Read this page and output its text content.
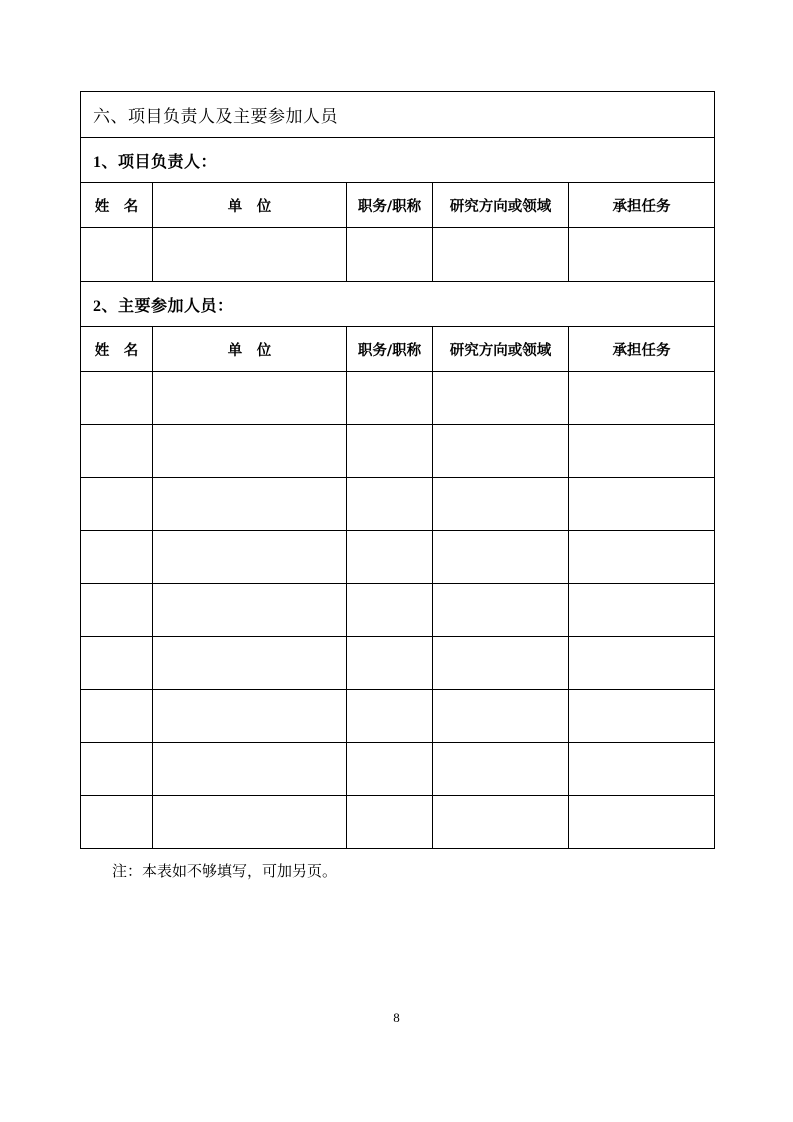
六、项目负责人及主要参加人员				
1、项目负责人：				
姓　名	单　位	职务/职称	研究方向或领域	承担任务

2、主要参加人员：				
姓　名	单　位	职务/职称	研究方向或领域	承担任务

注：本表如不够填写，可加另页。
8
